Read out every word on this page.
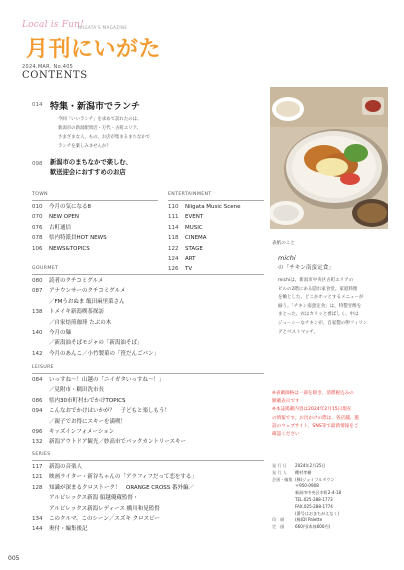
Local is Fun!
NIIGATA'S MAGAZINE
月刊にいがた
2024.MAR. No.405
CONTENTS
014 特集・新潟市でランチ
今回「いいランチ」を求めて訪れたのは、
新潟市の新潟駅周辺・万代・古町エリア。
さまざまな人、もの、お店が集まるまちなかで
ランチを楽しみませんか？
098 新潟市のまちなかで楽しむ、
歓送迎会におすすめのお店
TOWN
010 今月の気になる8
070 NEW OPEN
076 古町通信
078 県内特派員HOT NEWS
106 NEWS&TOPICS
ENTERTAINMENT
110 Niigata Music Scene
111 EVENT
114 MUSIC
118 CINEMA
122 STAGE
124 ART
126 TV
GOURMET
080 読者のクチコミグルメ
087 アナウンサーのクチコミグルメ
／FMうおぬま 飯田麻里菜さん
138 トメイキ新潟喫茶探訪
／自家焙煎珈琲 たぶの木
140 今月の麺
／新潟油そばモジャの「新潟油そば」
142 今月のあんこ／小竹製菓の「笹だんごパン」
LEISURE
084 いっすね～！山越の「ニイガタいっすね～！」
／見附市・糯田洗市長
086 県内30市町村わでかけTOPICS
094 こんなおでかけはいかが？　子どもと楽しもう！
／親子でお得にスキーを満喫！
096 キッズインフォメーション
132 新潟アウトドア観光／妙高市でバックカントリースキー
SERIES
117 新潟の音楽人
121 映画ライター・新谷ちゃんの「アラフィフだって恋をする」
128 知識が深まるクロストーク！　ORANGE CROSS 番外編／
アルビレックス新潟 船越優蔵監督・
アルビレックス新潟レディース 橋川和晃監督
134 このクルマ、このシーン／スズキ クロスビー
144 奥付・編集後記
表紙のこと
michi
の「チキン南蛮定食」
michiは、新潟市中央区古町エリアの
ビルの2階にある隠れ家食堂。家庭料理
を軸とした、どこかホッとするメニューが
揃う。「チキン南蛮定食」は、特製甘酢を
まとった、衣はカリッと香ばしく、中は
ジューシーなチキンが。自家製の卵フィリン
グとベストマッチ。
※表載価格は一部を除き、消費税込みの
額載表示です
※本誌掲載内容は2024年2月15日現在
の情報です。お出かけの際は、各店舗、施
設のウェブサイト、SNS等で最新情報をご
確認ください
発 行 日	2024年2月25日
発 行 人	櫻村孝樹
企画・編集 (株)ジョイフルタウン
〒950-0908
新潟市中央区幸町2-4-18
TEL.025-288-1773
FAX.025-288-1774
(番号はおまちがえなく)
印　刷	(株)DI Palette
定　価	660円(本体600円)
005
